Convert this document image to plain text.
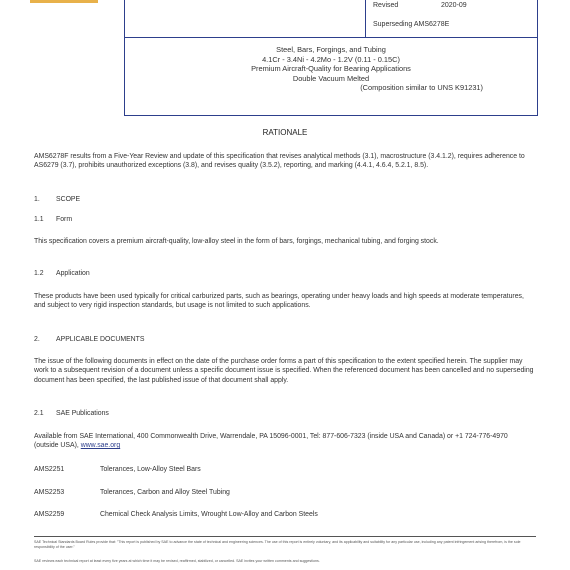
Revised	2020-09
Superseding AMS6278E
Steel, Bars, Forgings, and Tubing
4.1Cr - 3.4Ni - 4.2Mo - 1.2V (0.11 - 0.15C)
Premium Aircraft-Quality for Bearing Applications
Double Vacuum Melted
(Composition similar to UNS K91231)
RATIONALE
AMS6278F results from a Five-Year Review and update of this specification that revises analytical methods (3.1), macrostructure (3.4.1.2), requires adherence to AS6279 (3.7), prohibits unauthorized exceptions (3.8), and revises quality (3.5.2), reporting, and marking (4.4.1, 4.6.4, 5.2.1, 8.5).
1. SCOPE
1.1 Form
This specification covers a premium aircraft-quality, low-alloy steel in the form of bars, forgings, mechanical tubing, and forging stock.
1.2 Application
These products have been used typically for critical carburized parts, such as bearings, operating under heavy loads and high speeds at moderate temperatures, and subject to very rigid inspection standards, but usage is not limited to such applications.
2. APPLICABLE DOCUMENTS
The issue of the following documents in effect on the date of the purchase order forms a part of this specification to the extent specified herein. The supplier may work to a subsequent revision of a document unless a specific document issue is specified. When the referenced document has been cancelled and no superseding document has been specified, the last published issue of that document shall apply.
2.1 SAE Publications
Available from SAE International, 400 Commonwealth Drive, Warrendale, PA 15096-0001, Tel: 877-606-7323 (inside USA and Canada) or +1 724-776-4970 (outside USA), www.sae.org
AMS2251	Tolerances, Low-Alloy Steel Bars
AMS2253	Tolerances, Carbon and Alloy Steel Tubing
AMS2259	Chemical Check Analysis Limits, Wrought Low-Alloy and Carbon Steels
SAE Technical Standards Board Rules provide that: "This report is published by SAE to advance the state of technical and engineering sciences. The use of this report is entirely voluntary, and its applicability and suitability for any particular use, including any patent infringement arising therefrom, is the sole responsibility of the user."
SAE reviews each technical report at least every five years at which time it may be revised, reaffirmed, stabilized, or cancelled. SAE invites your written comments and suggestions.
